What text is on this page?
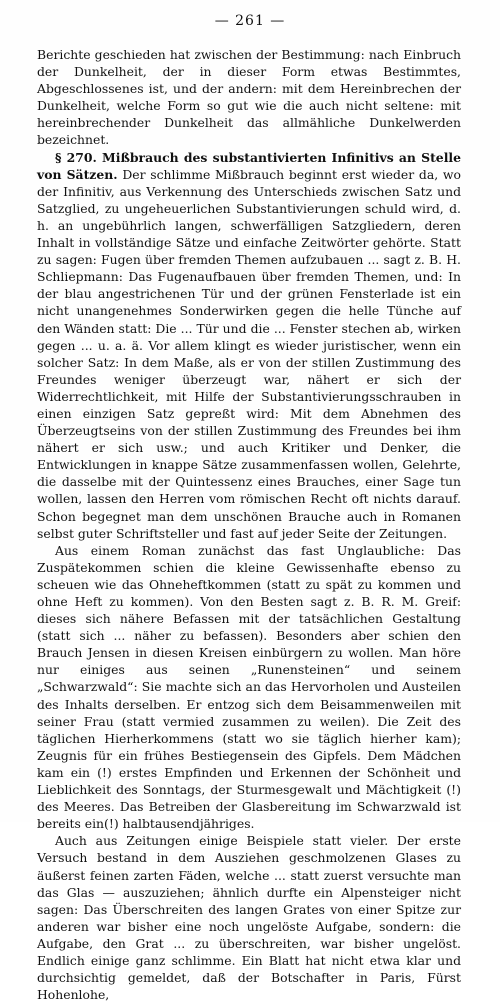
— 261 —

Berichte geschieden hat zwischen der Bestimmung: nach Einbruch der Dunkelheit, der in dieser Form etwas Bestimmtes, Abgeschlossenes ist, und der andern: mit dem Hereinbrechen der Dunkelheit, welche Form so gut wie die auch nicht seltene: mit hereinbrechender Dunkelheit das allmähliche Dunkelwerden bezeichnet.

§ 270. Mißbrauch des substantivierten Infinitivs an Stelle von Sätzen. Der schlimme Mißbrauch beginnt erst wieder da, wo der Infinitiv, aus Verkennung des Unterschieds zwischen Satz und Satzglied, zu ungeheuerlichen Substantivierungen schuld wird, d. h. an ungebührlich langen, schwerfälligen Satzgliedern, deren Inhalt in vollständige Sätze und einfache Zeitwörter gehörte. Statt zu sagen: Fugen über fremden Themen aufzubauen ... sagt z. B. H. Schliepmann: Das Fugenaufbauen über fremden Themen, und: In der blau angestrichenen Tür und der grünen Fensterlade ist ein nicht unangenehmes Sonderwirken gegen die helle Tünche auf den Wänden statt: Die ... Tür und die ... Fenster stechen ab, wirken gegen ... u. a. ä. Vor allem klingt es wieder juristischer, wenn ein solcher Satz: In dem Maße, als er von der stillen Zustimmung des Freundes weniger überzeugt war, nähert er sich der Widerrechtlichkeit, mit Hilfe der Substantivierungsschrauben in einen einzigen Satz gepreßt wird: Mit dem Abnehmen des Überzeugtseins von der stillen Zustimmung des Freundes bei ihm nähert er sich usw.; und auch Kritiker und Denker, die Entwicklungen in knappe Sätze zusammenfassen wollen, Gelehrte, die dasselbe mit der Quintessenz eines Brauches, einer Sage tun wollen, lassen den Herren vom römischen Recht oft nichts darauf. Schon begegnet man dem unschönen Brauche auch in Romanen selbst guter Schriftsteller und fast auf jeder Seite der Zeitungen.

Aus einem Roman zunächst das fast Unglaubliche: Das Zuspätekommen schien die kleine Gewissenhafte ebenso zu scheuen wie das Ohneheftkommen (statt zu spät zu kommen und ohne Heft zu kommen). Von den Besten sagt z. B. R. M. Greif: dieses sich nähere Befassen mit der tatsächlichen Gestaltung (statt sich ... näher zu befassen). Besonders aber schien den Brauch Jensen in diesen Kreisen einbürgern zu wollen. Man höre nur einiges aus seinen „Runensteinen“ und seinem „Schwarzwald“: Sie machte sich an das Hervorholen und Austeilen des Inhalts derselben. Er entzog sich dem Beisammenweilen mit seiner Frau (statt vermied zusammen zu weilen). Die Zeit des täglichen Hierherkommens (statt wo sie täglich hierher kam); Zeugnis für ein frühes Bestiegensein des Gipfels. Dem Mädchen kam ein (!) erstes Empfinden und Erkennen der Schönheit und Lieblichkeit des Sonntags, der Sturmesgewalt und Mächtigkeit (!) des Meeres. Das Betreiben der Glasbereitung im Schwarzwald ist bereits ein(!) halbtausendjähriges.

Auch aus Zeitungen einige Beispiele statt vieler. Der erste Versuch bestand in dem Ausziehen geschmolzenen Glases zu äußerst feinen zarten Fäden, welche ... statt zuerst versuchte man das Glas — auszuziehen; ähnlich durfte ein Alpensteiger nicht sagen: Das Überschreiten des langen Grates von einer Spitze zur anderen war bisher eine noch ungelöste Aufgabe, sondern: die Aufgabe, den Grat ... zu überschreiten, war bisher ungelöst. Endlich einige ganz schlimme. Ein Blatt hat nicht etwa klar und durchsichtig gemeldet, daß der Botschafter in Paris, Fürst Hohenlohe,
